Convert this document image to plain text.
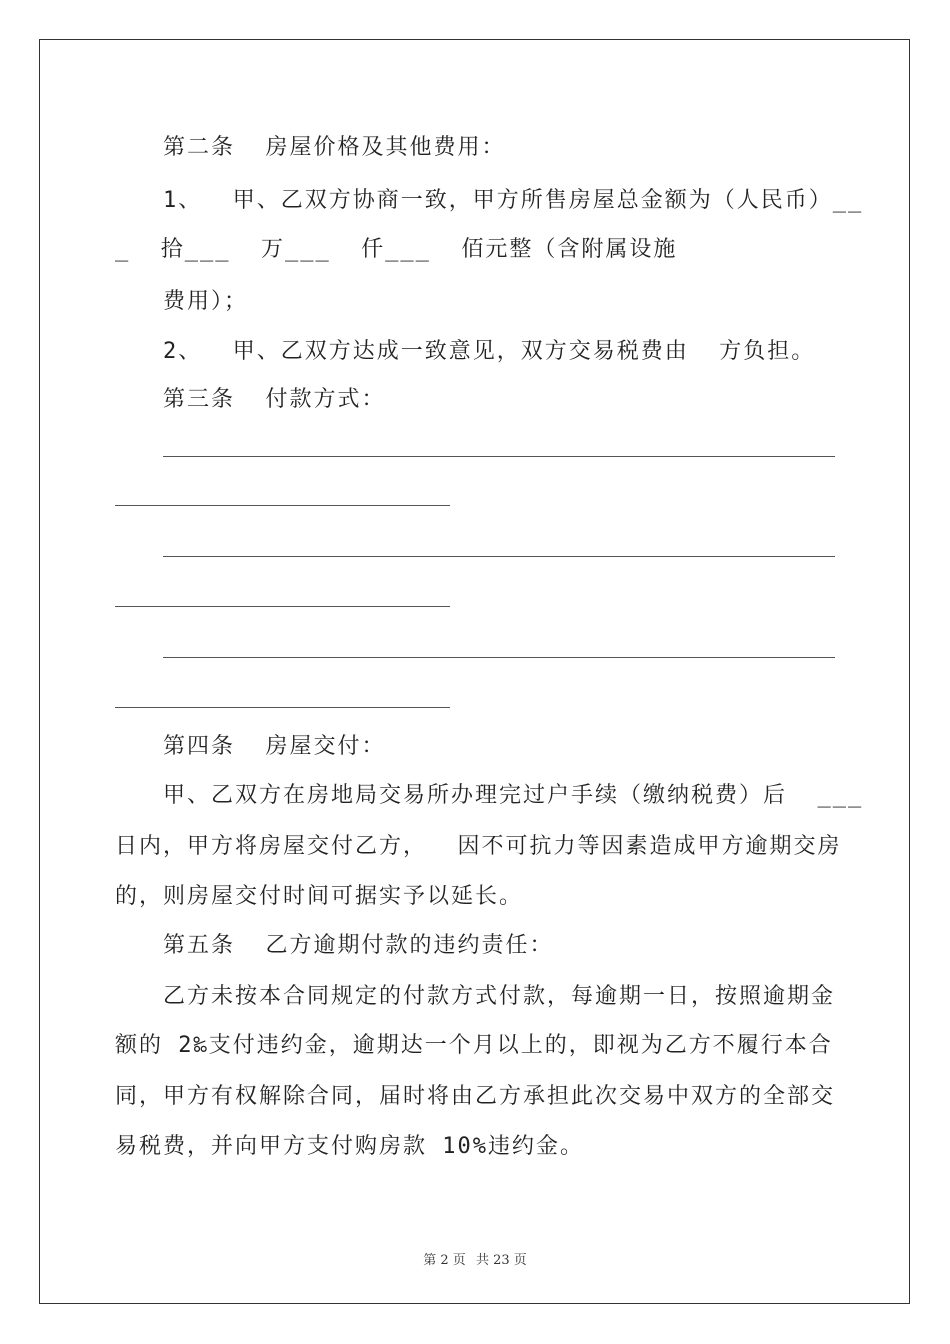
第二条  房屋价格及其他费用：
1、  甲、乙双方协商一致，甲方所售房屋总金额为（人民币）__
_  拾___  万___  仟___  佰元整（含附属设施
费用）；
2、  甲、乙双方达成一致意见，双方交易税费由  方负担。
第三条  付款方式：
第四条  房屋交付：
甲、乙双方在房地局交易所办理完过户手续（缴纳税费）后  ___
日内，甲方将房屋交付乙方，  因不可抗力等因素造成甲方逾期交房
的，则房屋交付时间可据实予以延长。
第五条  乙方逾期付款的违约责任：
乙方未按本合同规定的付款方式付款，每逾期一日，按照逾期金
额的 2‰支付违约金，逾期达一个月以上的，即视为乙方不履行本合
同，甲方有权解除合同，届时将由乙方承担此次交易中双方的全部交
易税费，并向甲方支付购房款 10%违约金。
第 2 页 共 23 页
